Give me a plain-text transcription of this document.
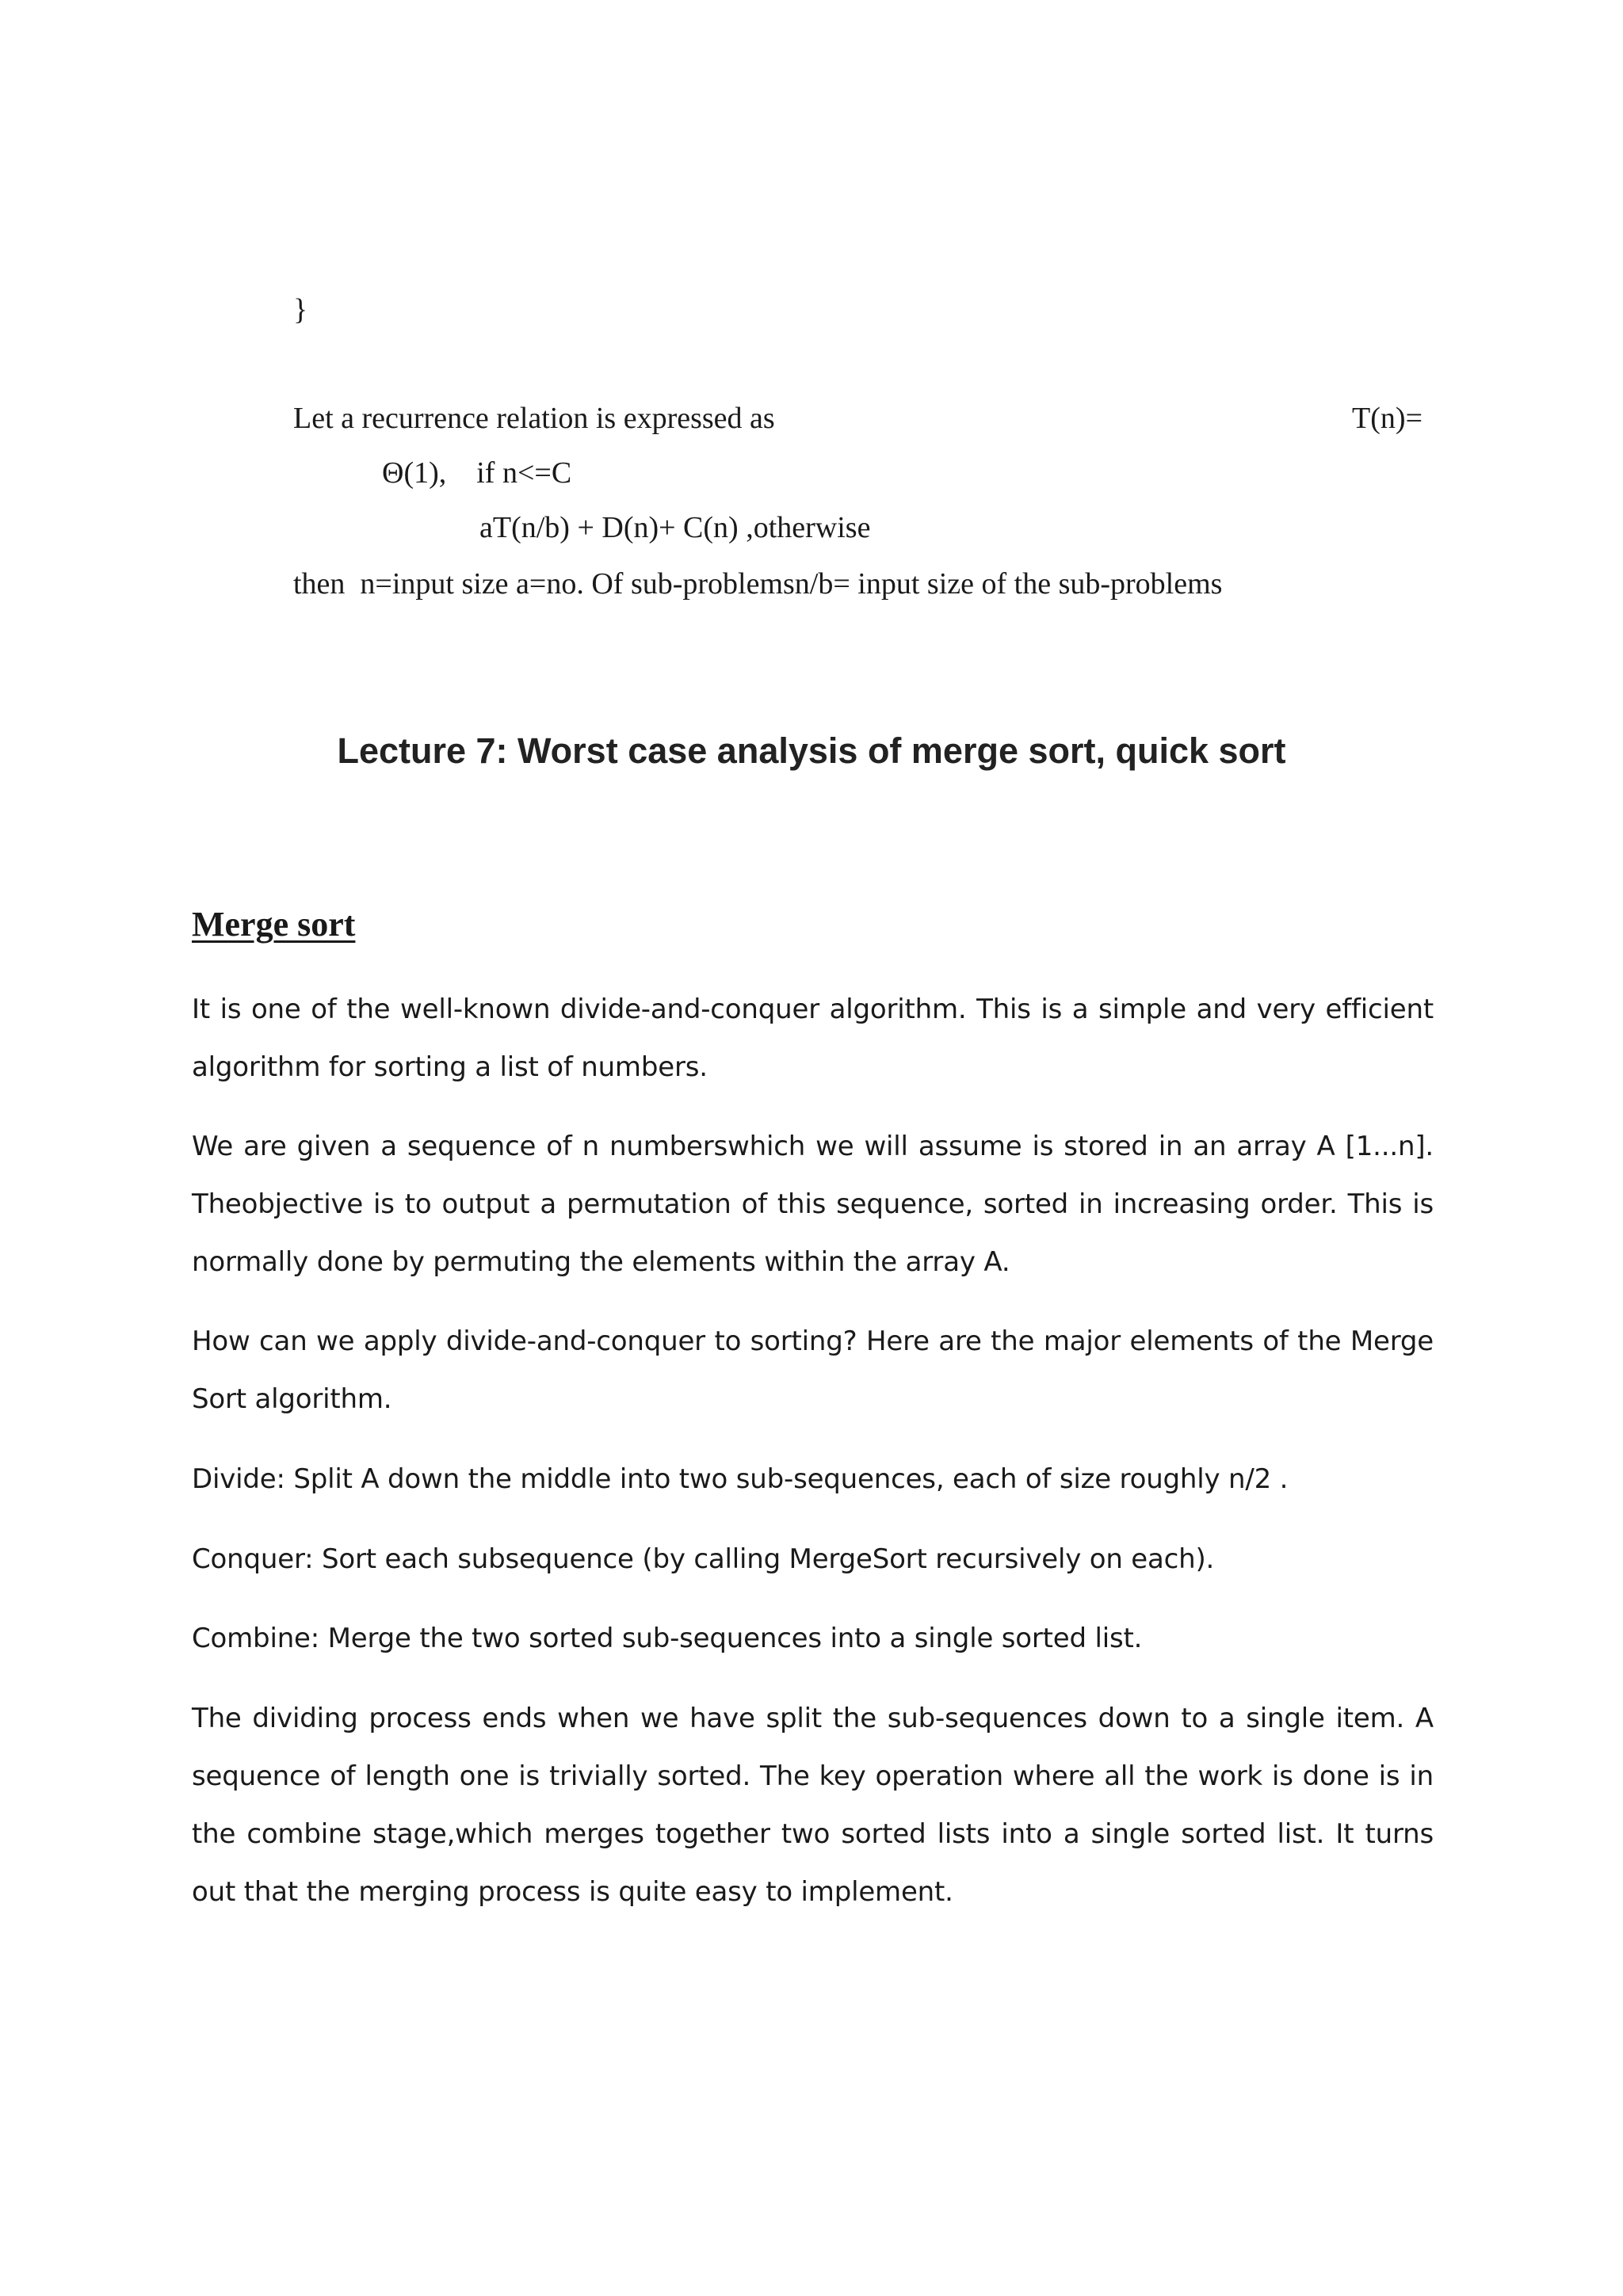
}
Let a recurrence relation is expressed as	T(n)=
Θ(1),    if n<=C
aT(n/b) + D(n)+ C(n) ,otherwise
then  n=input size a=no. Of sub-problemsn/b= input size of the sub-problems
Lecture 7: Worst case analysis of merge sort, quick sort
Merge sort

It is one of the well-known divide-and-conquer algorithm. This is a simple and very efficient algorithm for sorting a list of numbers.

We are given a sequence of n numberswhich we will assume is stored in an array A [1...n]. Theobjective is to output a permutation of this sequence, sorted in increasing order. This is normally done by permuting the elements within the array A.

How can we apply divide-and-conquer to sorting? Here are the major elements of the Merge Sort algorithm.

Divide: Split A down the middle into two sub-sequences, each of size roughly n/2 .

Conquer: Sort each subsequence (by calling MergeSort recursively on each).

Combine: Merge the two sorted sub-sequences into a single sorted list.

The dividing process ends when we have split the sub-sequences down to a single item. A sequence of length one is trivially sorted. The key operation where all the work is done is in the combine stage,which merges together two sorted lists into a single sorted list. It turns out that the merging process is quite easy to implement.
